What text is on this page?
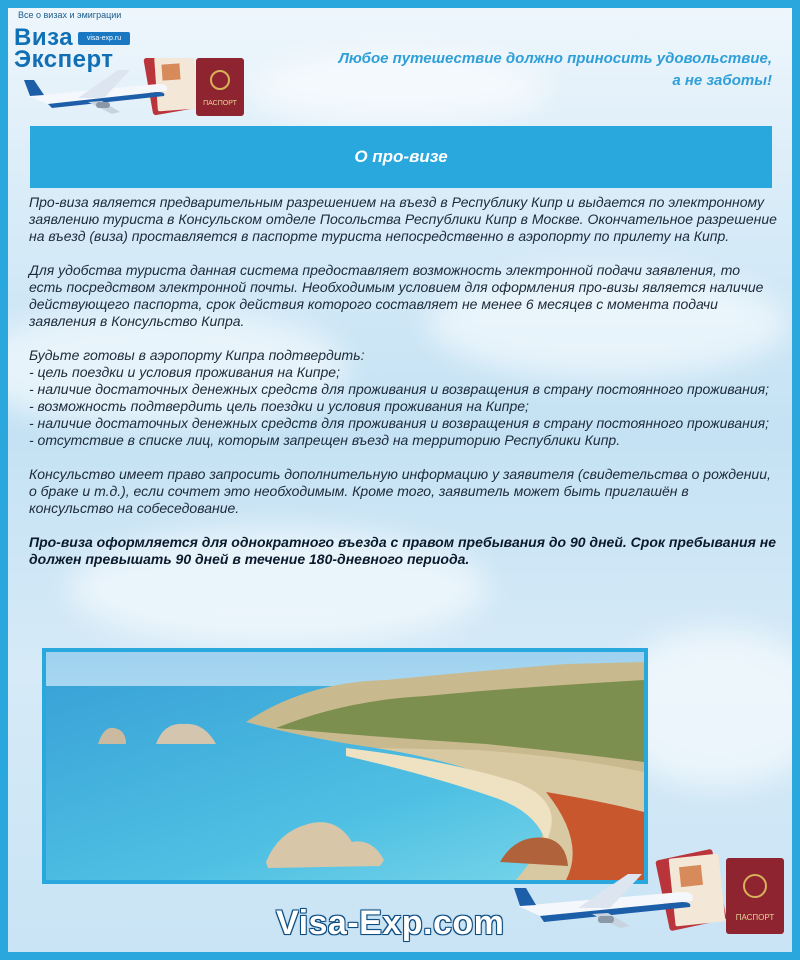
Все о визах и эмиграции
Виза	visa-exp.ru
Эксперт
ПАСПОРТ
Любое путешествие должно приносить удовольствие,
а не заботы!
О про-визе

Про-виза является предварительным разрешением на въезд в Республику Кипр и выдается по электронному заявлению туриста в Консульском отделе Посольства Республики Кипр в Москве. Окончательное разрешение на въезд (виза) проставляется в паспорте туриста непосредственно в аэропорту по прилету на Кипр.

Для удобства туриста данная система предоставляет возможность электронной подачи заявления, то есть посредством электронной почты. Необходимым условием для оформления про-визы является наличие действующего паспорта, срок действия которого составляет не менее 6 месяцев с момента подачи заявления в Консульство Кипра.

Будьте готовы в аэропорту Кипра подтвердить:
- цель поездки и условия проживания на Кипре;
- наличие достаточных денежных средств для проживания и возвращения в страну постоянного проживания;
- возможность подтвердить цель поездки и условия проживания на Кипре;
- наличие достаточных денежных средств для проживания и возвращения в страну постоянного проживания;
- отсутствие в списке лиц, которым запрещен въезд на территорию Республики Кипр.

Консульство имеет право запросить дополнительную информацию у заявителя (свидетельства о рождении, о браке и т.д.), если сочтет это необходимым. Кроме того, заявитель может быть приглашён в консульство на собеседование.

Про-виза оформляется для однократного въезда с правом пребывания до 90 дней. Срок пребывания не должен превышать 90 дней в течение 180-дневного периода.

Visa-Exp.com	ПАСПОРТ
